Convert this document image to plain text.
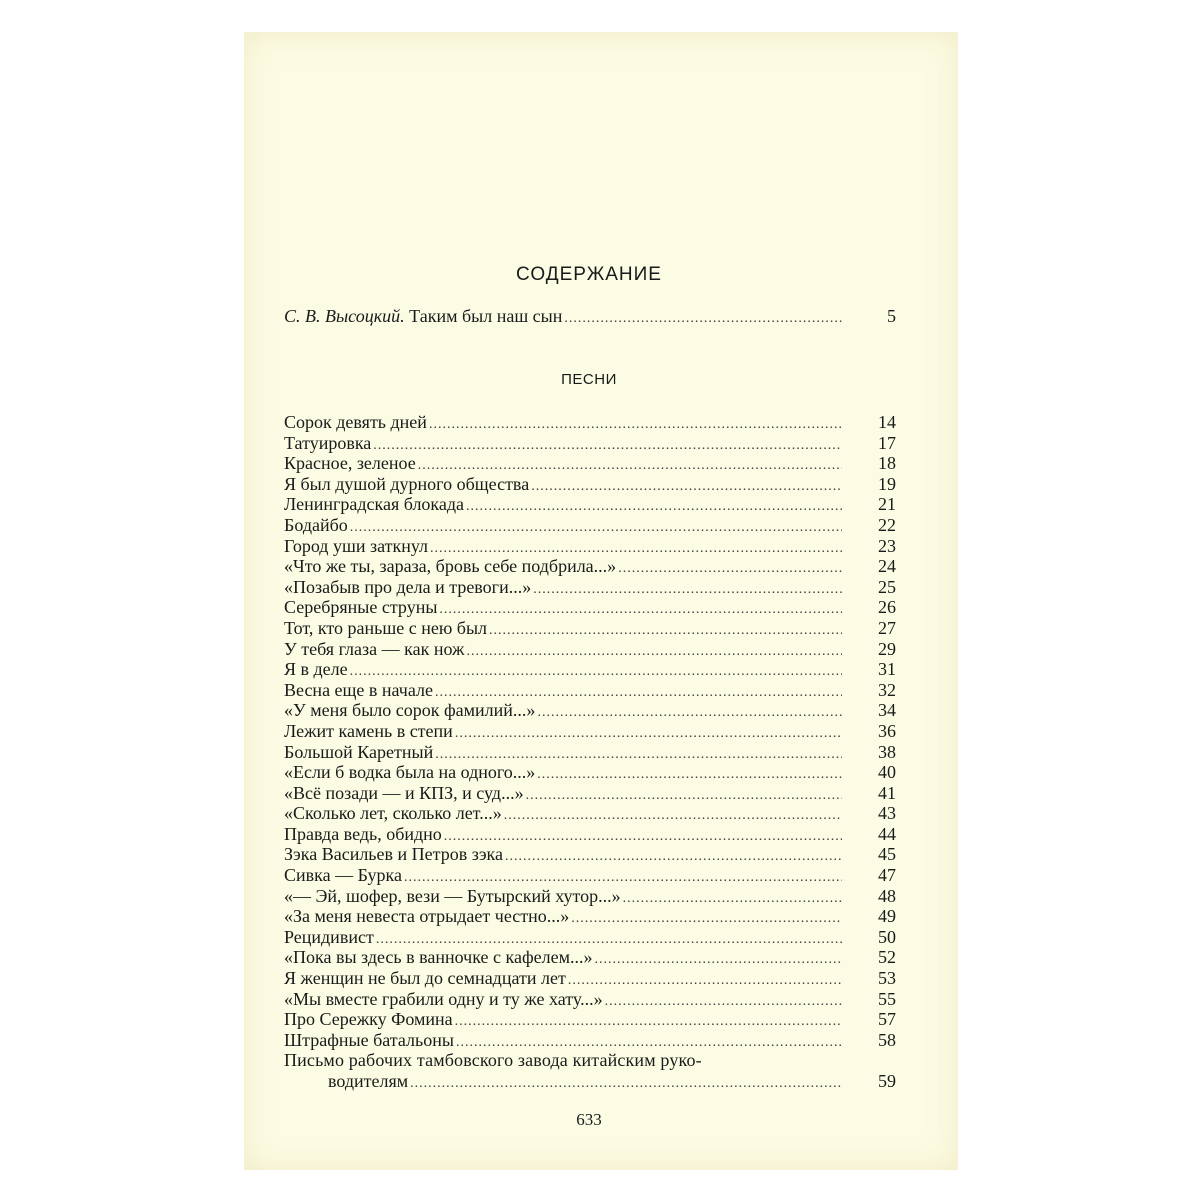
СОДЕРЖАНИЕ
С. В. Высоцкий. Таким был наш сын .....	5
ПЕСНИ
Сорок девять дней .....	14
Татуировка .....	17
Красное, зеленое .....	18
Я был душой дурного общества .....	19
Ленинградская блокада .....	21
Бодайбо .....	22
Город уши заткнул .....	23
«Что же ты, зараза, бровь себе подбрила...» .....	24
«Позабыв про дела и тревоги...» .....	25
Серебряные струны .....	26
Тот, кто раньше с нею был .....	27
У тебя глаза — как нож .....	29
Я в деле .....	31
Весна еще в начале .....	32
«У меня было сорок фамилий...» .....	34
Лежит камень в степи .....	36
Большой Каретный .....	38
«Если б водка была на одного...» .....	40
«Всё позади — и КПЗ, и суд...» .....	41
«Сколько лет, сколько лет...» .....	43
Правда ведь, обидно .....	44
Зэка Васильев и Петров зэка .....	45
Сивка — Бурка .....	47
«— Эй, шофер, вези — Бутырский хутор...» .....	48
«За меня невеста отрыдает честно...» .....	49
Рецидивист .....	50
«Пока вы здесь в ванночке с кафелем...» .....	52
Я женщин не был до семнадцати лет .....	53
«Мы вместе грабили одну и ту же хату...» .....	55
Про Сережку Фомина .....	57
Штрафные батальоны .....	58
Письмо рабочих тамбовского завода китайским руко-
водителям .....	59
633
